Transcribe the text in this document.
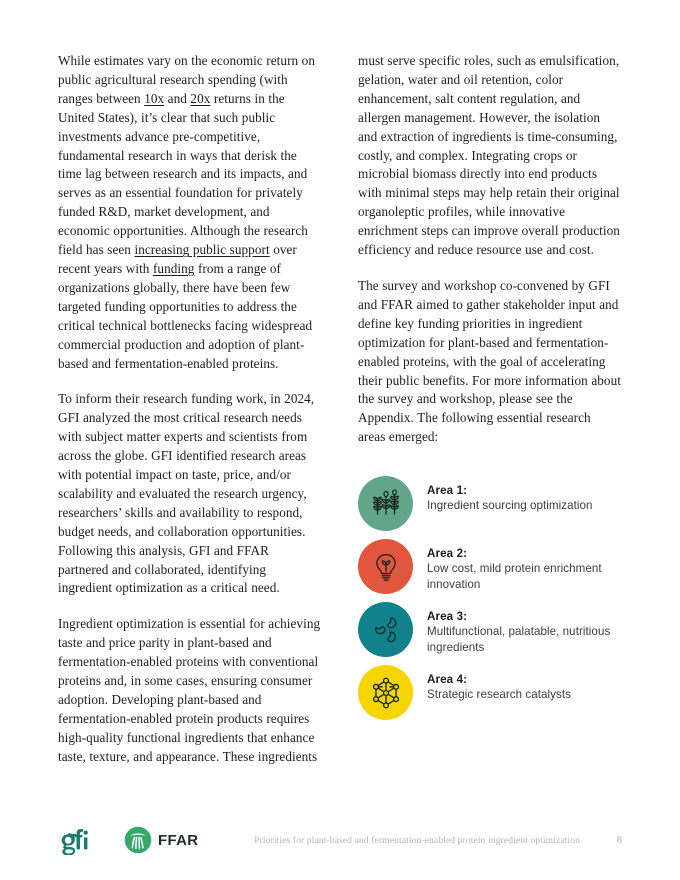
While estimates vary on the economic return on public agricultural research spending (with ranges between 10x and 20x returns in the United States), it’s clear that such public investments advance pre-competitive, fundamental research in ways that derisk the time lag between research and its impacts, and serves as an essential foundation for privately funded R&D, market development, and economic opportunities. Although the research field has seen increasing public support over recent years with funding from a range of organizations globally, there have been few targeted funding opportunities to address the critical technical bottlenecks facing widespread commercial production and adoption of plant-based and fermentation-enabled proteins.

To inform their research funding work, in 2024, GFI analyzed the most critical research needs with subject matter experts and scientists from across the globe. GFI identified research areas with potential impact on taste, price, and/or scalability and evaluated the research urgency, researchers’ skills and availability to respond, budget needs, and collaboration opportunities. Following this analysis, GFI and FFAR partnered and collaborated, identifying ingredient optimization as a critical need.

Ingredient optimization is essential for achieving taste and price parity in plant-based and fermentation-enabled proteins with conventional proteins and, in some cases, ensuring consumer adoption. Developing plant-based and fermentation-enabled protein products requires high-quality functional ingredients that enhance taste, texture, and appearance. These ingredients

must serve specific roles, such as emulsification, gelation, water and oil retention, color enhancement, salt content regulation, and allergen management. However, the isolation and extraction of ingredients is time-consuming, costly, and complex. Integrating crops or microbial biomass directly into end products with minimal steps may help retain their original organoleptic profiles, while innovative enrichment steps can improve overall production efficiency and reduce resource use and cost.

The survey and workshop co-convened by GFI and FFAR aimed to gather stakeholder input and define key funding priorities in ingredient optimization for plant-based and fermentation-enabled proteins, with the goal of accelerating their public benefits. For more information about the survey and workshop, please see the Appendix. The following essential research areas emerged:

Area 1:
Ingredient sourcing optimization
Area 2:
Low cost, mild protein enrichment innovation
Area 3:
Multifunctional, palatable, nutritious ingredients
Area 4:
Strategic research catalysts
FFAR	Priorities for plant-based and fermentation-enabled protein ingredient optimization	8
